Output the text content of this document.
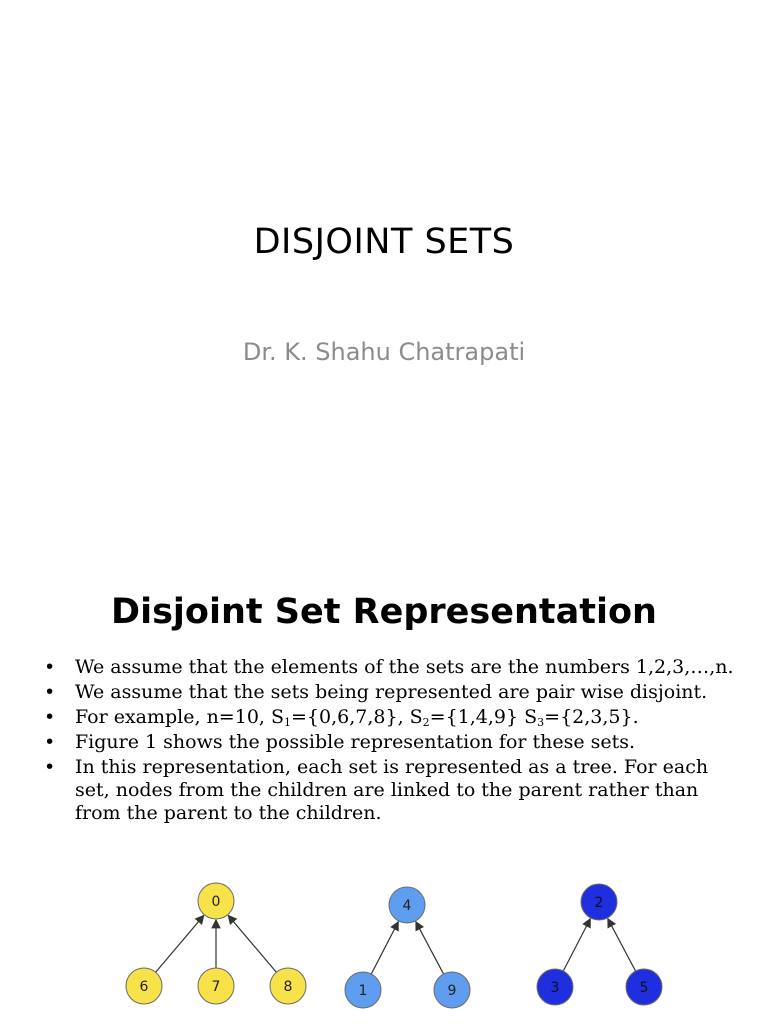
DISJOINT SETS
Dr. K. Shahu Chatrapati
Disjoint Set Representation
• We assume that the elements of the sets are the numbers 1,2,3,…,n.
• We assume that the sets being represented are pair wise disjoint.
• For example, n=10, $S_1=\{0,6,7,8\}$, $S_2=\{1,4,9\}$ $S_3=\{2,3,5\}$.
• Figure 1 shows the possible representation for these sets.
• In this representation, each set is represented as a tree. For each set, nodes from the children are linked to the parent rather than from the parent to the children.
0
6	7	8
4
1	9
2
3	5
